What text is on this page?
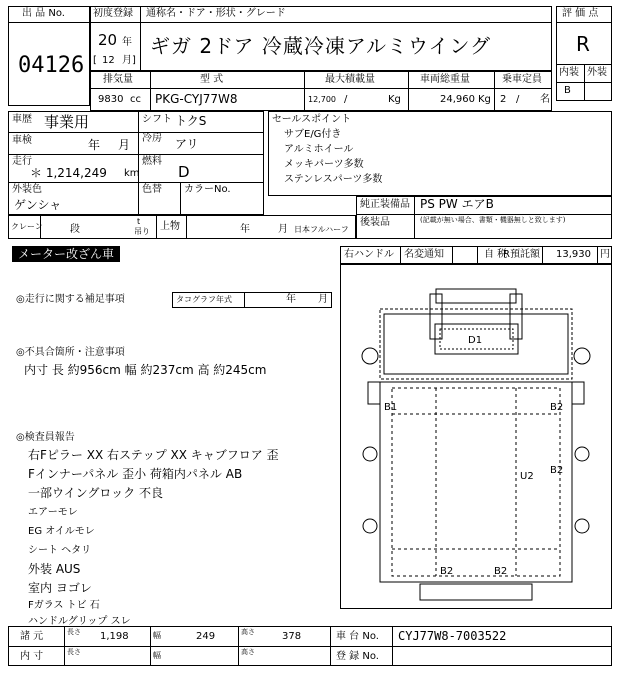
出 品 No.
04126
初度登録 通称名・ドア・形状・グレード
20 年
[ 12 月]
ギガ 2ドア 冷蔵冷凍アルミウイング
評 価 点
R
内装 外装
B
排気量	型 式	最大積載量	車両総重量	乗車定員
9830 cc PKG-CYJ77W8	12,700 /	Kg	24,960 Kg 2 / 名
車歴 事業用	シフト トクS
車検	年 月 冷房 アリ
走行
＊ 1,214,249 km
燃料
D
外装色
ゲンシャ
色替 カラーNo.
クレーン	段
t
吊り 上物	年	月 日本フルハーフ
セールスポイント
サブE/G付き
アルミホイール
メッキパーツ多数
ステンレスパーツ多数
純正装備品 PS PW エアB
後装品	(記載が無い場合、書類・機器無しと致します)
メーター改ざん車	右ハンドル 名変通知	自 税
R預託額 13,930 円
◎走行に関する補足事項	タコグラフ年式	年 月
◎不具合箇所・注意事項
内寸 長 約956cm 幅 約237cm 高 約245cm
◎検査員報告
右Fピラー XX 右ステップ XX キャブフロア 歪
Fインナーパネル 歪小 荷箱内パネル AB
一部ウイングロック 不良
エアーモレ
EG オイルモレ
シート ヘタリ
外装 AUS
室内 ヨゴレ
Fガラス トビ 石
ハンドルグリップ スレ
D1
B1	B2
B2
U2
B2	B2
諸 元	長さ 1,198	幅	249	高さ	378	車 台 No. CYJ77W8-7003522
内 寸	長さ	幅	高さ	登 録 No.
